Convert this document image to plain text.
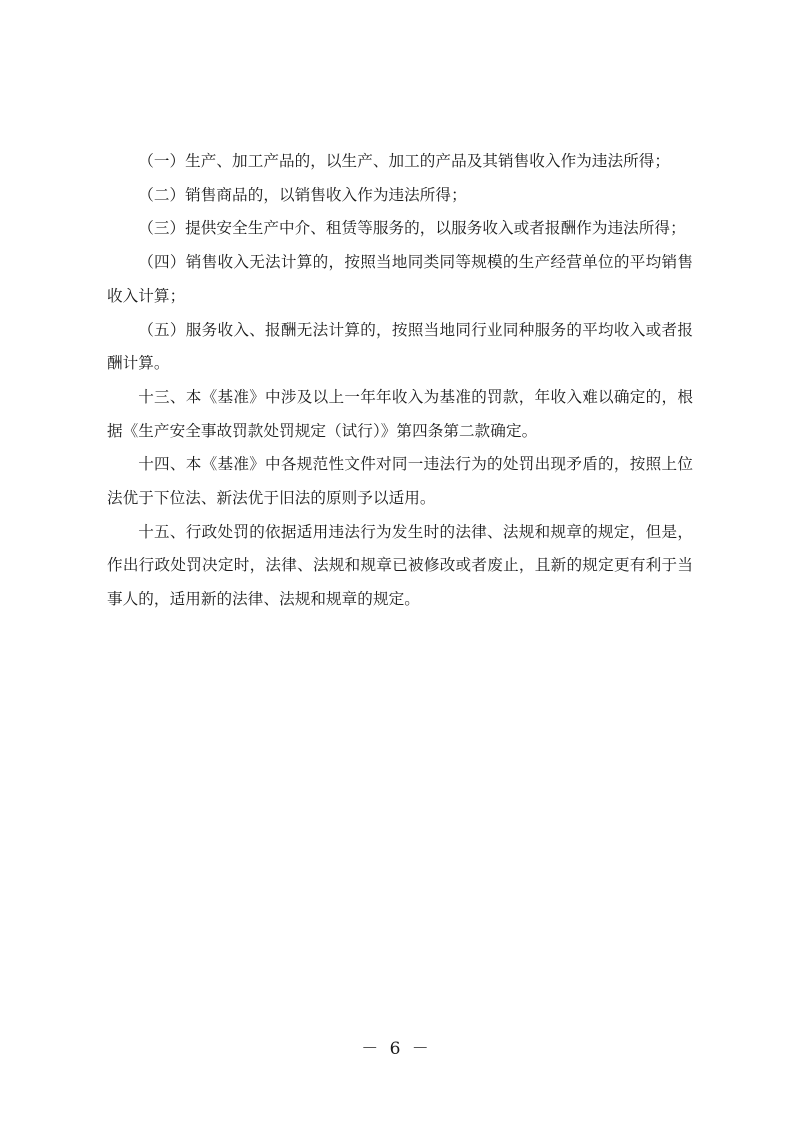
（一）生产、加工产品的，以生产、加工的产品及其销售收入作为违法所得；

（二）销售商品的，以销售收入作为违法所得；

（三）提供安全生产中介、租赁等服务的，以服务收入或者报酬作为违法所得；

（四）销售收入无法计算的，按照当地同类同等规模的生产经营单位的平均销售收入计算；

（五）服务收入、报酬无法计算的，按照当地同行业同种服务的平均收入或者报酬计算。

十三、本《基准》中涉及以上一年年收入为基准的罚款，年收入难以确定的，根据《生产安全事故罚款处罚规定（试行）》第四条第二款确定。

十四、本《基准》中各规范性文件对同一违法行为的处罚出现矛盾的，按照上位法优于下位法、新法优于旧法的原则予以适用。

十五、行政处罚的依据适用违法行为发生时的法律、法规和规章的规定，但是，作出行政处罚决定时，法律、法规和规章已被修改或者废止，且新的规定更有利于当事人的，适用新的法律、法规和规章的规定。

－ 6 －
